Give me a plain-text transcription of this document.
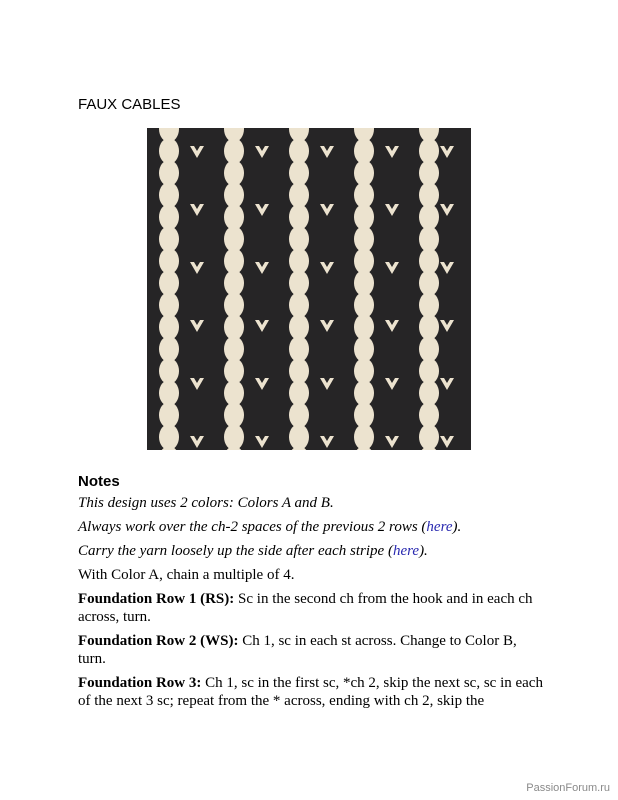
FAUX CABLES
Notes

This design uses 2 colors: Colors A and B.

Always work over the ch-2 spaces of the previous 2 rows (here).

Carry the yarn loosely up the side after each stripe (here).

With Color A, chain a multiple of 4.

Foundation Row 1 (RS): Sc in the second ch from the hook and in each ch across, turn.

Foundation Row 2 (WS): Ch 1, sc in each st across. Change to Color B, turn.

Foundation Row 3: Ch 1, sc in the first sc, *ch 2, skip the next sc, sc in each of the next 3 sc; repeat from the * across, ending with ch 2, skip the

PassionForum.ru
